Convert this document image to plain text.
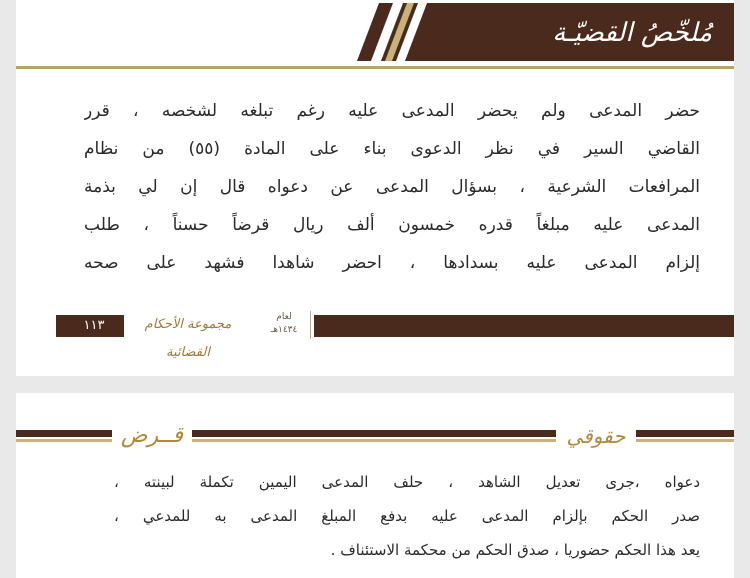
مُلخّصُ القضيّـة
حضر المدعى ولم يحضر المدعى عليه رغم تبلغه لشخصه ، قرر
القاضي السير في نظر الدعوى بناء على المادة (٥٥) من نظام
المرافعات الشرعية ، بسؤال المدعى عن دعواه قال إن لي بذمة
المدعى عليه مبلغاً قدره خمسون ألف ريال قرضاً حسناً ، طلب
إلزام المدعى عليه بسدادها ، احضر شاهدا فشهد على صحه
١١٣
لعام
١٤٣٤هـ
مجموعة الأحكام القضائية
حقوقي
قــرض
دعواه ،جرى تعديل الشاهد ، حلف المدعى اليمين تكملة لبينته ،
صدر الحكم بإلزام المدعى عليه بدفع المبلغ المدعى به للمدعي ،
يعد هذا الحكم حضوريا ، صدق الحكم من محكمة الاستئناف .
